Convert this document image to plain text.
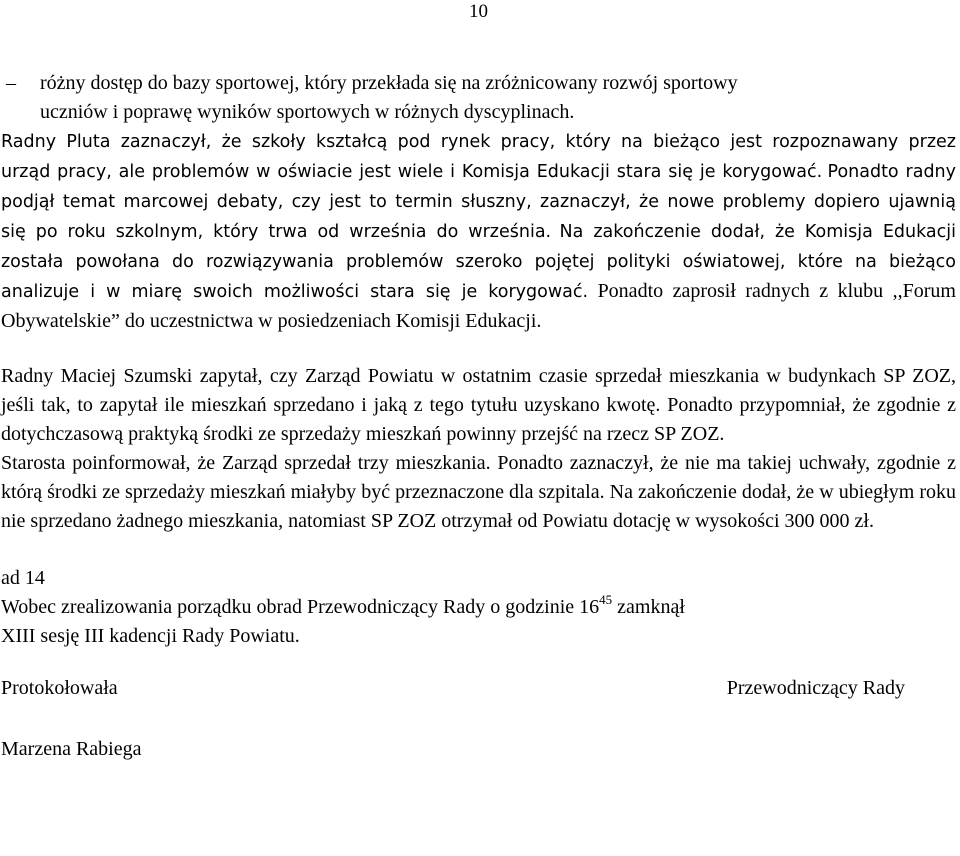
10

– różny dostęp do bazy sportowej, który przekłada się na zróżnicowany rozwój sportowy

uczniów i poprawę wyników sportowych w różnych dyscyplinach.

Radny Pluta zaznaczył, że szkoły kształcą pod rynek pracy, który na bieżąco jest rozpoznawany przez urząd pracy, ale problemów w oświacie jest wiele i Komisja Edukacji stara się je korygować. Ponadto radny podjął temat marcowej debaty, czy jest to termin słuszny, zaznaczył, że nowe problemy dopiero ujawnią się po roku szkolnym, który trwa od września do września. Na zakończenie dodał, że Komisja Edukacji została powołana do rozwiązywania problemów szeroko pojętej polityki oświatowej, które na bieżąco analizuje i w miarę swoich możliwości stara się je korygować. Ponadto zaprosił radnych z klubu ,,Forum Obywatelskie” do uczestnictwa w posiedzeniach Komisji Edukacji.

Radny Maciej Szumski zapytał, czy Zarząd Powiatu w ostatnim czasie sprzedał mieszkania w budynkach SP ZOZ, jeśli tak, to zapytał ile mieszkań sprzedano i jaką z tego tytułu uzyskano kwotę. Ponadto przypomniał, że zgodnie z dotychczasową praktyką środki ze sprzedaży mieszkań powinny przejść na rzecz SP ZOZ.

Starosta poinformował, że Zarząd sprzedał trzy mieszkania. Ponadto zaznaczył, że nie ma takiej uchwały, zgodnie z którą środki ze sprzedaży mieszkań miałyby być przeznaczone dla szpitala. Na zakończenie dodał, że w ubiegłym roku nie sprzedano żadnego mieszkania, natomiast SP ZOZ otrzymał od Powiatu dotację w wysokości 300 000 zł.

ad 14

Wobec zrealizowania porządku obrad Przewodniczący Rady o godzinie $16^{45}$ zamknął

XIII sesję III kadencji Rady Powiatu.

Protokołowała	Przewodniczący Rady
Marzena Rabiega
